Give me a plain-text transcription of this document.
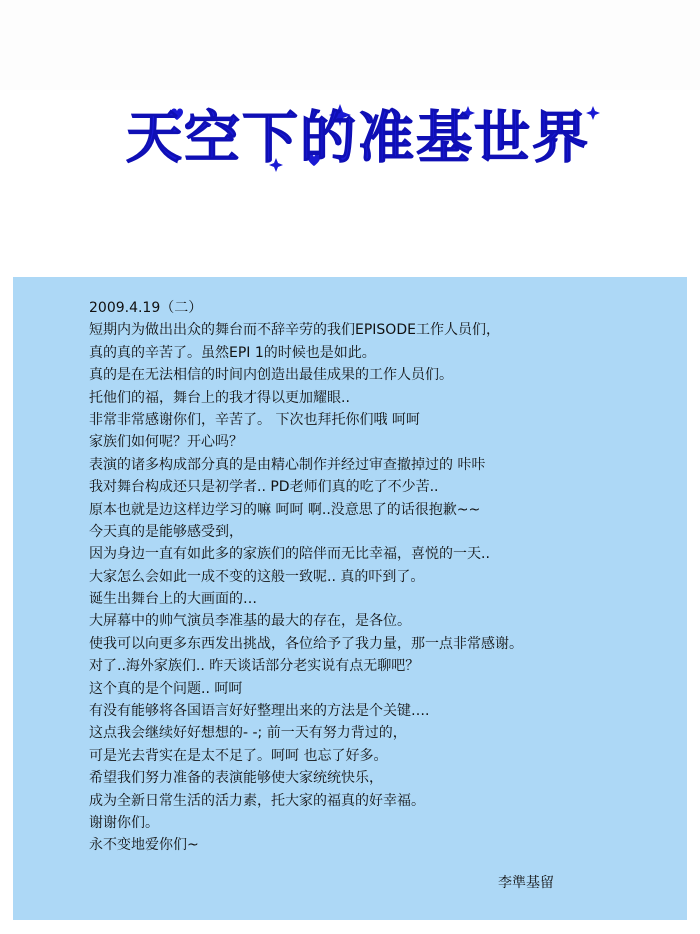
天空下的准基世界
2009.4.19（二）
短期内为做出出众的舞台而不辞辛劳的我们EPISODE工作人员们，
真的真的辛苦了。虽然EPI 1的时候也是如此。
真的是在无法相信的时间内创造出最佳成果的工作人员们。
托他们的福，舞台上的我才得以更加耀眼..
非常非常感谢你们，辛苦了。 下次也拜托你们哦 呵呵
家族们如何呢？开心吗？
表演的诸多构成部分真的是由精心制作并经过审查撤掉过的 咔咔
我对舞台构成还只是初学者.. PD老师们真的吃了不少苦..
原本也就是边这样边学习的嘛 呵呵 啊..没意思了的话很抱歉~~
今天真的是能够感受到，
因为身边一直有如此多的家族们的陪伴而无比幸福，喜悦的一天..
大家怎么会如此一成不变的这般一致呢.. 真的吓到了。
诞生出舞台上的大画面的…
大屏幕中的帅气演员李准基的最大的存在，是各位。
使我可以向更多东西发出挑战，各位给予了我力量，那一点非常感谢。
对了..海外家族们.. 昨天谈话部分老实说有点无聊吧？
这个真的是个问题.. 呵呵
有没有能够将各国语言好好整理出来的方法是个关键….
这点我会继续好好想想的- -; 前一天有努力背过的，
可是光去背实在是太不足了。呵呵 也忘了好多。
希望我们努力准备的表演能够使大家统统快乐，
成为全新日常生活的活力素，托大家的福真的好幸福。
谢谢你们。
永不变地爱你们~
李準基留
